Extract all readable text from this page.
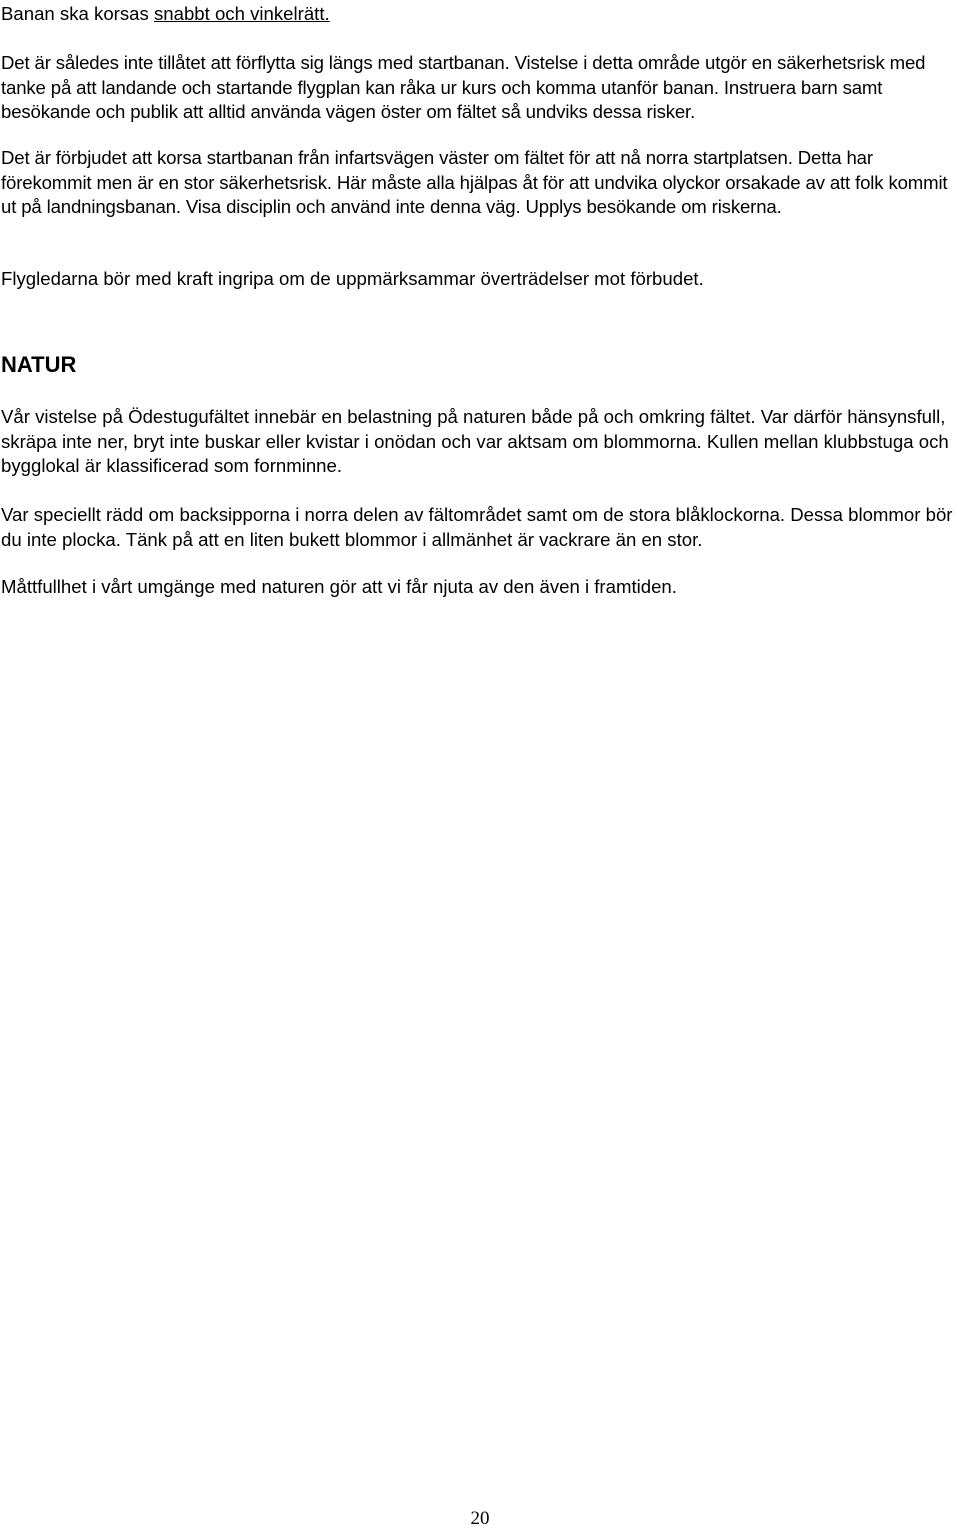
Banan ska korsas snabbt och vinkelrätt.

Det är således inte tillåtet att förflytta sig längs med startbanan. Vistelse i detta område utgör en säkerhetsrisk med tanke på att landande och startande flygplan kan råka ur kurs och komma utanför banan. Instruera barn samt besökande och publik att alltid använda vägen öster om fältet så undviks dessa risker.

Det är förbjudet att korsa startbanan från infartsvägen väster om fältet för att nå norra startplatsen. Detta har förekommit men är en stor säkerhetsrisk. Här måste alla hjälpas åt för att undvika olyckor orsakade av att folk kommit ut på landningsbanan. Visa disciplin och använd inte denna väg. Upplys besökande om riskerna.

Flygledarna bör med kraft ingripa om de uppmärksammar överträdelser mot förbudet.

NATUR

Vår vistelse på Ödestugufältet innebär en belastning på naturen både på och omkring fältet. Var därför hänsynsfull, skräpa inte ner, bryt inte buskar eller kvistar i onödan och var aktsam om blommorna. Kullen mellan klubbstuga och bygglokal är klassificerad som fornminne.

Var speciellt rädd om backsipporna i norra delen av fältområdet samt om de stora blåklockorna. Dessa blommor bör du inte plocka. Tänk på att en liten bukett blommor i allmänhet är vackrare än en stor.

Måttfullhet i vårt umgänge med naturen gör att vi får njuta av den även i framtiden.

20
